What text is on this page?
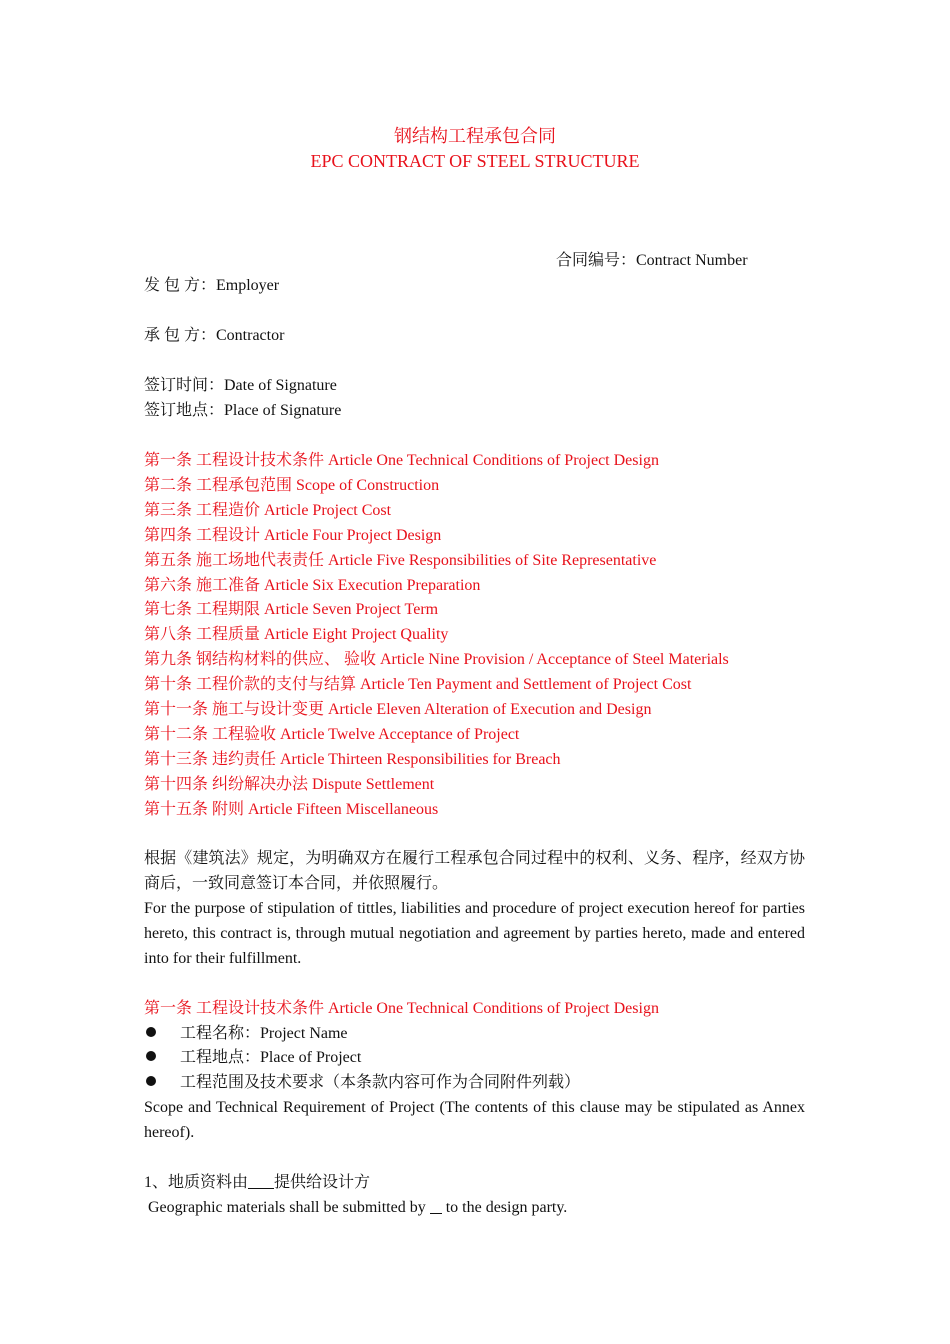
钢结构工程承包合同
EPC CONTRACT OF STEEL STRUCTURE
合同编号：Contract Number
发 包 方：Employer
承 包 方：Contractor
签订时间：Date of Signature
签订地点：Place of Signature
第一条 工程设计技术条件 Article One Technical Conditions of Project Design
第二条 工程承包范围 Scope of Construction
第三条 工程造价 Article Project Cost
第四条 工程设计 Article Four Project Design
第五条 施工场地代表责任 Article Five Responsibilities of Site Representative
第六条 施工准备 Article Six Execution Preparation
第七条 工程期限 Article Seven Project Term
第八条 工程质量 Article Eight Project Quality
第九条 钢结构材料的供应、 验收 Article Nine Provision / Acceptance of Steel Materials
第十条 工程价款的支付与结算 Article Ten Payment and Settlement of Project Cost
第十一条 施工与设计变更 Article Eleven Alteration of Execution and Design
第十二条 工程验收 Article Twelve Acceptance of Project
第十三条 违约责任 Article Thirteen Responsibilities for Breach
第十四条 纠纷解决办法 Dispute Settlement
第十五条 附则 Article Fifteen Miscellaneous
根据《建筑法》规定，为明确双方在履行工程承包合同过程中的权利、义务、程序，经双方协商后，一致同意签订本合同，并依照履行。
For the purpose of stipulation of tittles, liabilities and procedure of project execution hereof for parties hereto, this contract is, through mutual negotiation and agreement by parties hereto, made and entered into for their fulfillment.
第一条 工程设计技术条件 Article One Technical Conditions of Project Design
工程名称：Project Name
工程地点：Place of Project
工程范围及技术要求（本条款内容可作为合同附件列载）
Scope and Technical Requirement of Project (The contents of this clause may be stipulated as Annex hereof).
1、地质资料由 提供给设计方
Geographic materials shall be submitted by to the design party.
